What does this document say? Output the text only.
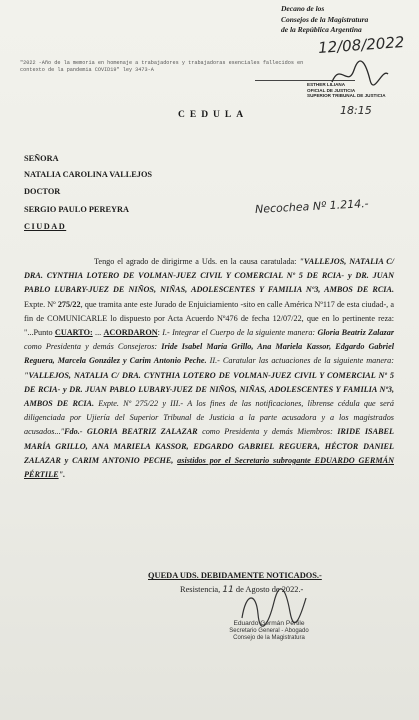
Decano de los
Consejos de la Magistratura
de la República Argentina
"2022 -Año de la memoria en homenaje a trabajadores y trabajadoras esenciales fallecidos en
contexto de la pandemia COVID19" ley 3473-A
12/08/2022
ESTHER LILIANA
OFICIAL DE JUSTICIA
SUPERIOR TRIBUNAL DE JUSTICIA
18:15
CEDULA
SEÑORA
NATALIA CAROLINA VALLEJOS
DOCTOR
SERGIO PAULO PEREYRA
CIUDAD
Necochea Nº 1.214.-

Tengo el agrado de dirigirme a Uds. en la causa caratulada: "VALLEJOS, NATALIA C/ DRA. CYNTHIA LOTERO DE VOLMAN-JUEZ CIVIL Y COMERCIAL Nº 5 DE RCIA- y DR. JUAN PABLO LUBARY-JUEZ DE NIÑOS, NIÑAS, ADOLESCENTES Y FAMILIA Nº3, AMBOS DE RCIA. Expte. Nº 275/22, que tramita ante este Jurado de Enjuiciamiento -sito en calle América Nº117 de esta ciudad-, a fin de COMUNICARLE lo dispuesto por Acta Acuerdo Nº476 de fecha 12/07/22, que en lo pertinente reza: "...Punto CUARTO: ... ACORDARON: I.- Integrar el Cuerpo de la siguiente manera: Gloria Beatriz Zalazar como Presidenta y demás Consejeros: Iride Isabel María Grillo, Ana Mariela Kassor, Edgardo Gabriel Reguera, Marcela González y Carim Antonio Peche. II.- Caratular las actuaciones de la siguiente manera: "VALLEJOS, NATALIA C/ DRA. CYNTHIA LOTERO DE VOLMAN-JUEZ CIVIL Y COMERCIAL Nº 5 DE RCIA- y DR. JUAN PABLO LUBARY-JUEZ DE NIÑOS, NIÑAS, ADOLESCENTES Y FAMILIA Nº3, AMBOS DE RCIA. Expte. Nº 275/22 y III.- A los fines de las notificaciones, líbrense cédula que será diligenciada por Ujiería del Superior Tribunal de Justicia a la parte acusadora y a los magistrados acusados..."Fdo.- GLORIA BEATRIZ ZALAZAR como Presidenta y demás Miembros: IRIDE ISABEL MARÍA GRILLO, ANA MARIELA KASSOR, EDGARDO GABRIEL REGUERA, HÉCTOR DANIEL ZALAZAR y CARIM ANTONIO PECHE, asistidos por el Secretario subrogante EDUARDO GERMÁN PÉRTILE".

QUEDA UDS. DEBIDAMENTE NOTICADOS.-
Resistencia, 11 de Agosto de 2022.-
Eduardo Germán Pértile
Secretario General - Abogado
Consejo de la Magistratura
